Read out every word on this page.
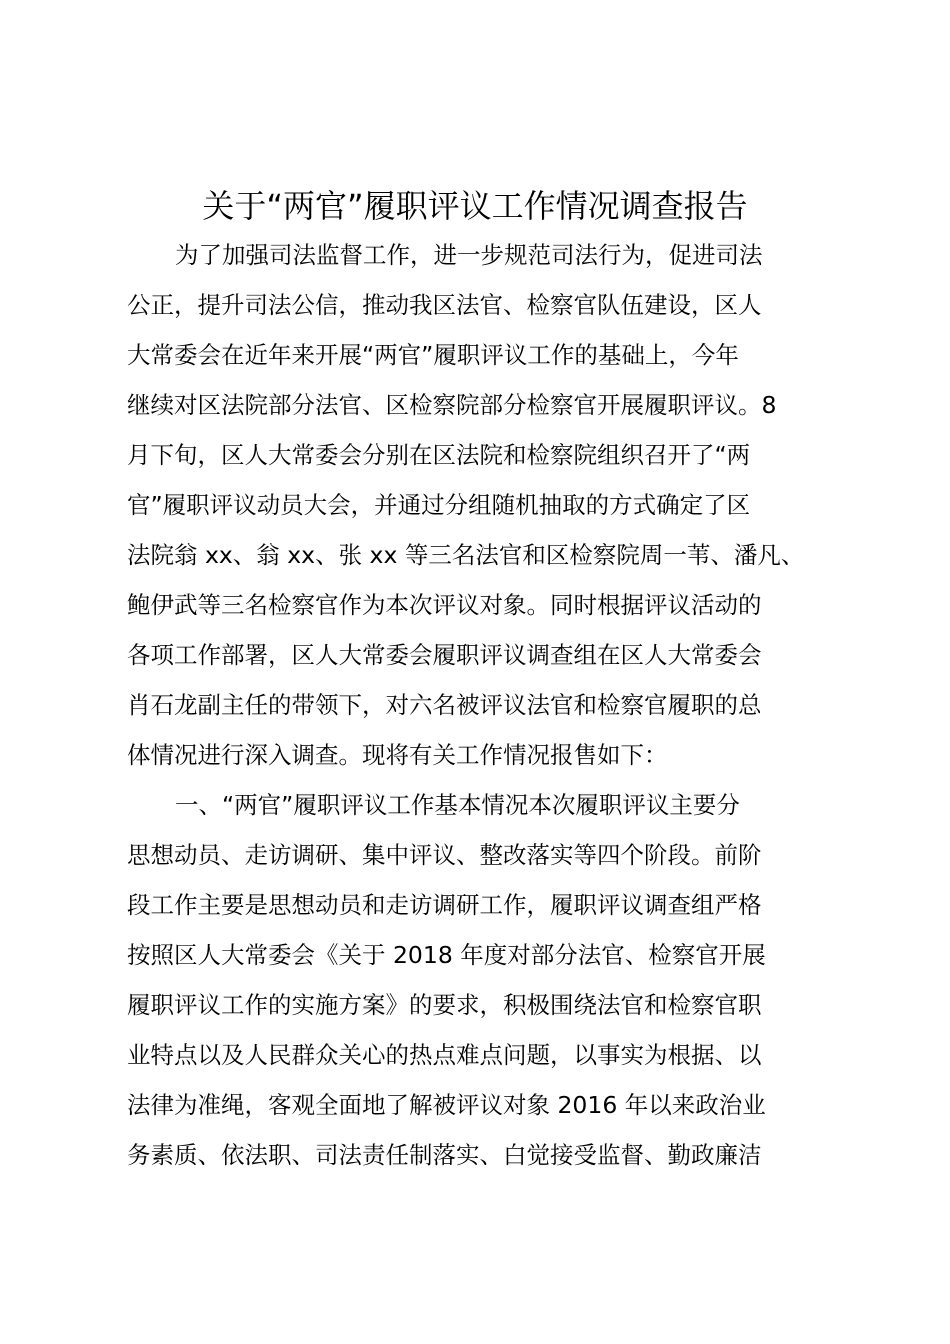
关于“两官”履职评议工作情况调查报告
为了加强司法监督工作，进一步规范司法行为，促进司法
公正，提升司法公信，推动我区法官、检察官队伍建设，区人
大常委会在近年来开展“两官”履职评议工作的基础上，今年
继续对区法院部分法官、区检察院部分检察官开展履职评议。8
月下旬，区人大常委会分别在区法院和检察院组织召开了“两
官”履职评议动员大会，并通过分组随机抽取的方式确定了区
法院翁 xx、翁 xx、张 xx 等三名法官和区检察院周一苇、潘凡、
鲍伊武等三名检察官作为本次评议对象。同时根据评议活动的
各项工作部署，区人大常委会履职评议调查组在区人大常委会
肖石龙副主任的带领下，对六名被评议法官和检察官履职的总
体情况进行深入调查。现将有关工作情况报售如下：
一、“两官”履职评议工作基本情况本次履职评议主要分
思想动员、走访调研、集中评议、整改落实等四个阶段。前阶
段工作主要是思想动员和走访调研工作，履职评议调查组严格
按照区人大常委会《关于 2018 年度对部分法官、检察官开展
履职评议工作的实施方案》的要求，积极围绕法官和检察官职
业特点以及人民群众关心的热点难点问题，以事实为根据、以
法律为准绳，客观全面地了解被评议对象 2016 年以来政治业
务素质、依法职、司法责任制落实、白觉接受监督、勤政廉洁
